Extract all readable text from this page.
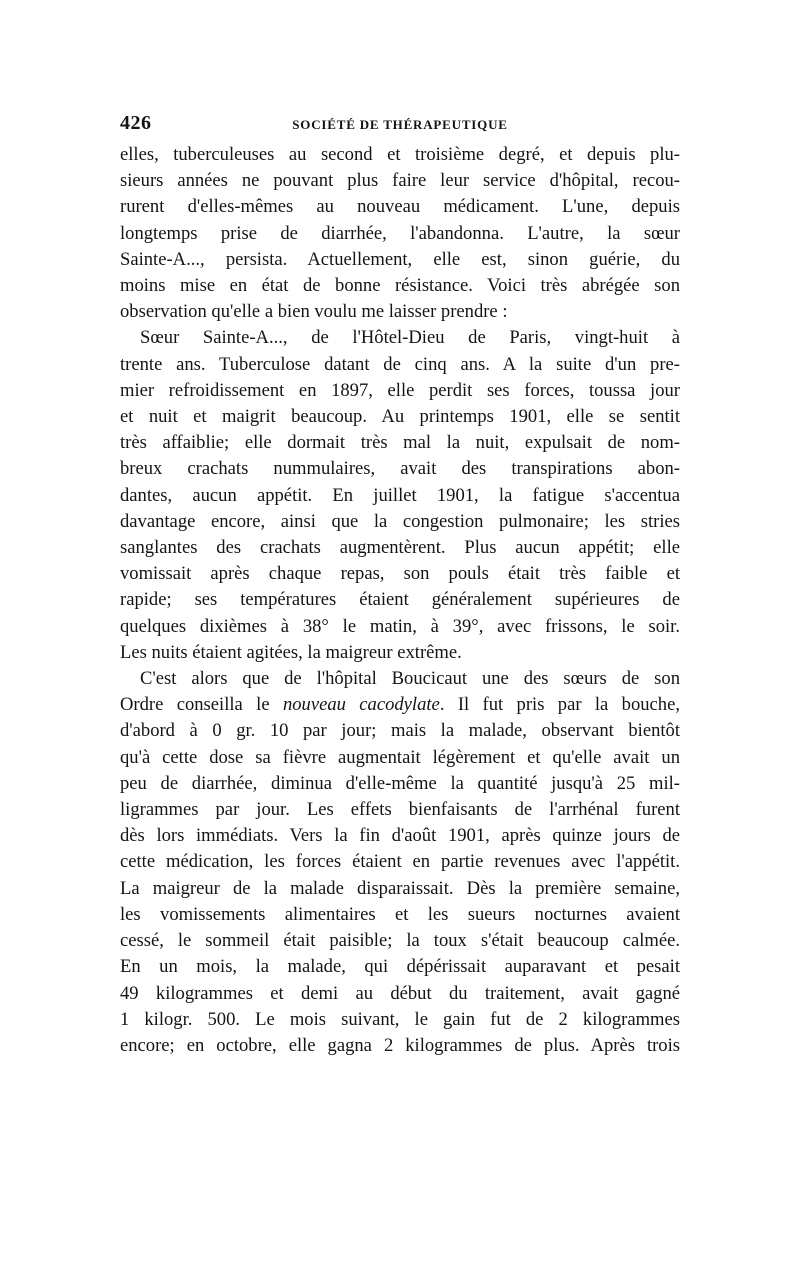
426	SOCIÉTÉ DE THÉRAPEUTIQUE
elles, tuberculeuses au second et troisième degré, et depuis plu-
sieurs années ne pouvant plus faire leur service d'hôpital, recou-
rurent d'elles-mêmes au nouveau médicament. L'une, depuis
longtemps prise de diarrhée, l'abandonna. L'autre, la sœur
Sainte-A..., persista. Actuellement, elle est, sinon guérie, du
moins mise en état de bonne résistance. Voici très abrégée son
observation qu'elle a bien voulu me laisser prendre :
Sœur Sainte-A..., de l'Hôtel-Dieu de Paris, vingt-huit à
trente ans. Tuberculose datant de cinq ans. A la suite d'un pre-
mier refroidissement en 1897, elle perdit ses forces, toussa jour
et nuit et maigrit beaucoup. Au printemps 1901, elle se sentit
très affaiblie; elle dormait très mal la nuit, expulsait de nom-
breux crachats nummulaires, avait des transpirations abon-
dantes, aucun appétit. En juillet 1901, la fatigue s'accentua
davantage encore, ainsi que la congestion pulmonaire; les stries
sanglantes des crachats augmentèrent. Plus aucun appétit; elle
vomissait après chaque repas, son pouls était très faible et
rapide; ses températures étaient généralement supérieures de
quelques dixièmes à 38° le matin, à 39°, avec frissons, le soir.
Les nuits étaient agitées, la maigreur extrême.
C'est alors que de l'hôpital Boucicaut une des sœurs de son
Ordre conseilla le nouveau cacodylate. Il fut pris par la bouche,
d'abord à 0 gr. 10 par jour; mais la malade, observant bientôt
qu'à cette dose sa fièvre augmentait légèrement et qu'elle avait un
peu de diarrhée, diminua d'elle-même la quantité jusqu'à 25 mil-
ligrammes par jour. Les effets bienfaisants de l'arrhénal furent
dès lors immédiats. Vers la fin d'août 1901, après quinze jours de
cette médication, les forces étaient en partie revenues avec l'appétit.
La maigreur de la malade disparaissait. Dès la première semaine,
les vomissements alimentaires et les sueurs nocturnes avaient
cessé, le sommeil était paisible; la toux s'était beaucoup calmée.
En un mois, la malade, qui dépérissait auparavant et pesait
49 kilogrammes et demi au début du traitement, avait gagné
1 kilogr. 500. Le mois suivant, le gain fut de 2 kilogrammes
encore; en octobre, elle gagna 2 kilogrammes de plus. Après trois
